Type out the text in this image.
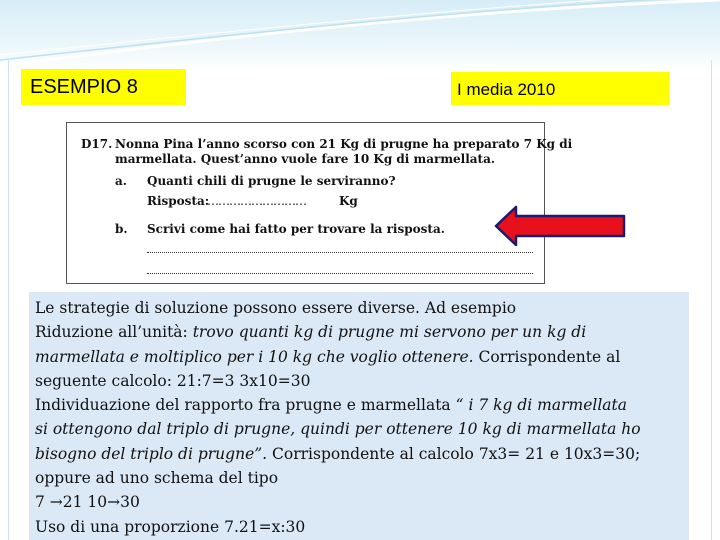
ESEMPIO 8	I media 2010
D17. Nonna Pina l’anno scorso con 21 Kg di prugne ha preparato 7 Kg di
marmellata. Quest’anno vuole fare 10 Kg di marmellata.
a. Quanti chili di prugne le serviranno?
Risposta:
………………………	Kg
b. Scrivi come hai fatto per trovare la risposta.

Le strategie di soluzione possono essere diverse. Ad esempio

Riduzione all’unità: trovo quanti kg di prugne mi servono per un kg di

marmellata e moltiplico per i 10 kg che voglio ottenere. Corrispondente al

seguente calcolo: 21:7=3 3x10=30

Individuazione del rapporto fra prugne e marmellata “ i 7 kg di marmellata

si ottengono dal triplo di prugne, quindi per ottenere 10 kg di marmellata ho

bisogno del triplo di prugne”. Corrispondente al calcolo 7x3= 21 e 10x3=30;

oppure ad uno schema del tipo

7 →21 10→30

Uso di una proporzione 7.21=x:30
